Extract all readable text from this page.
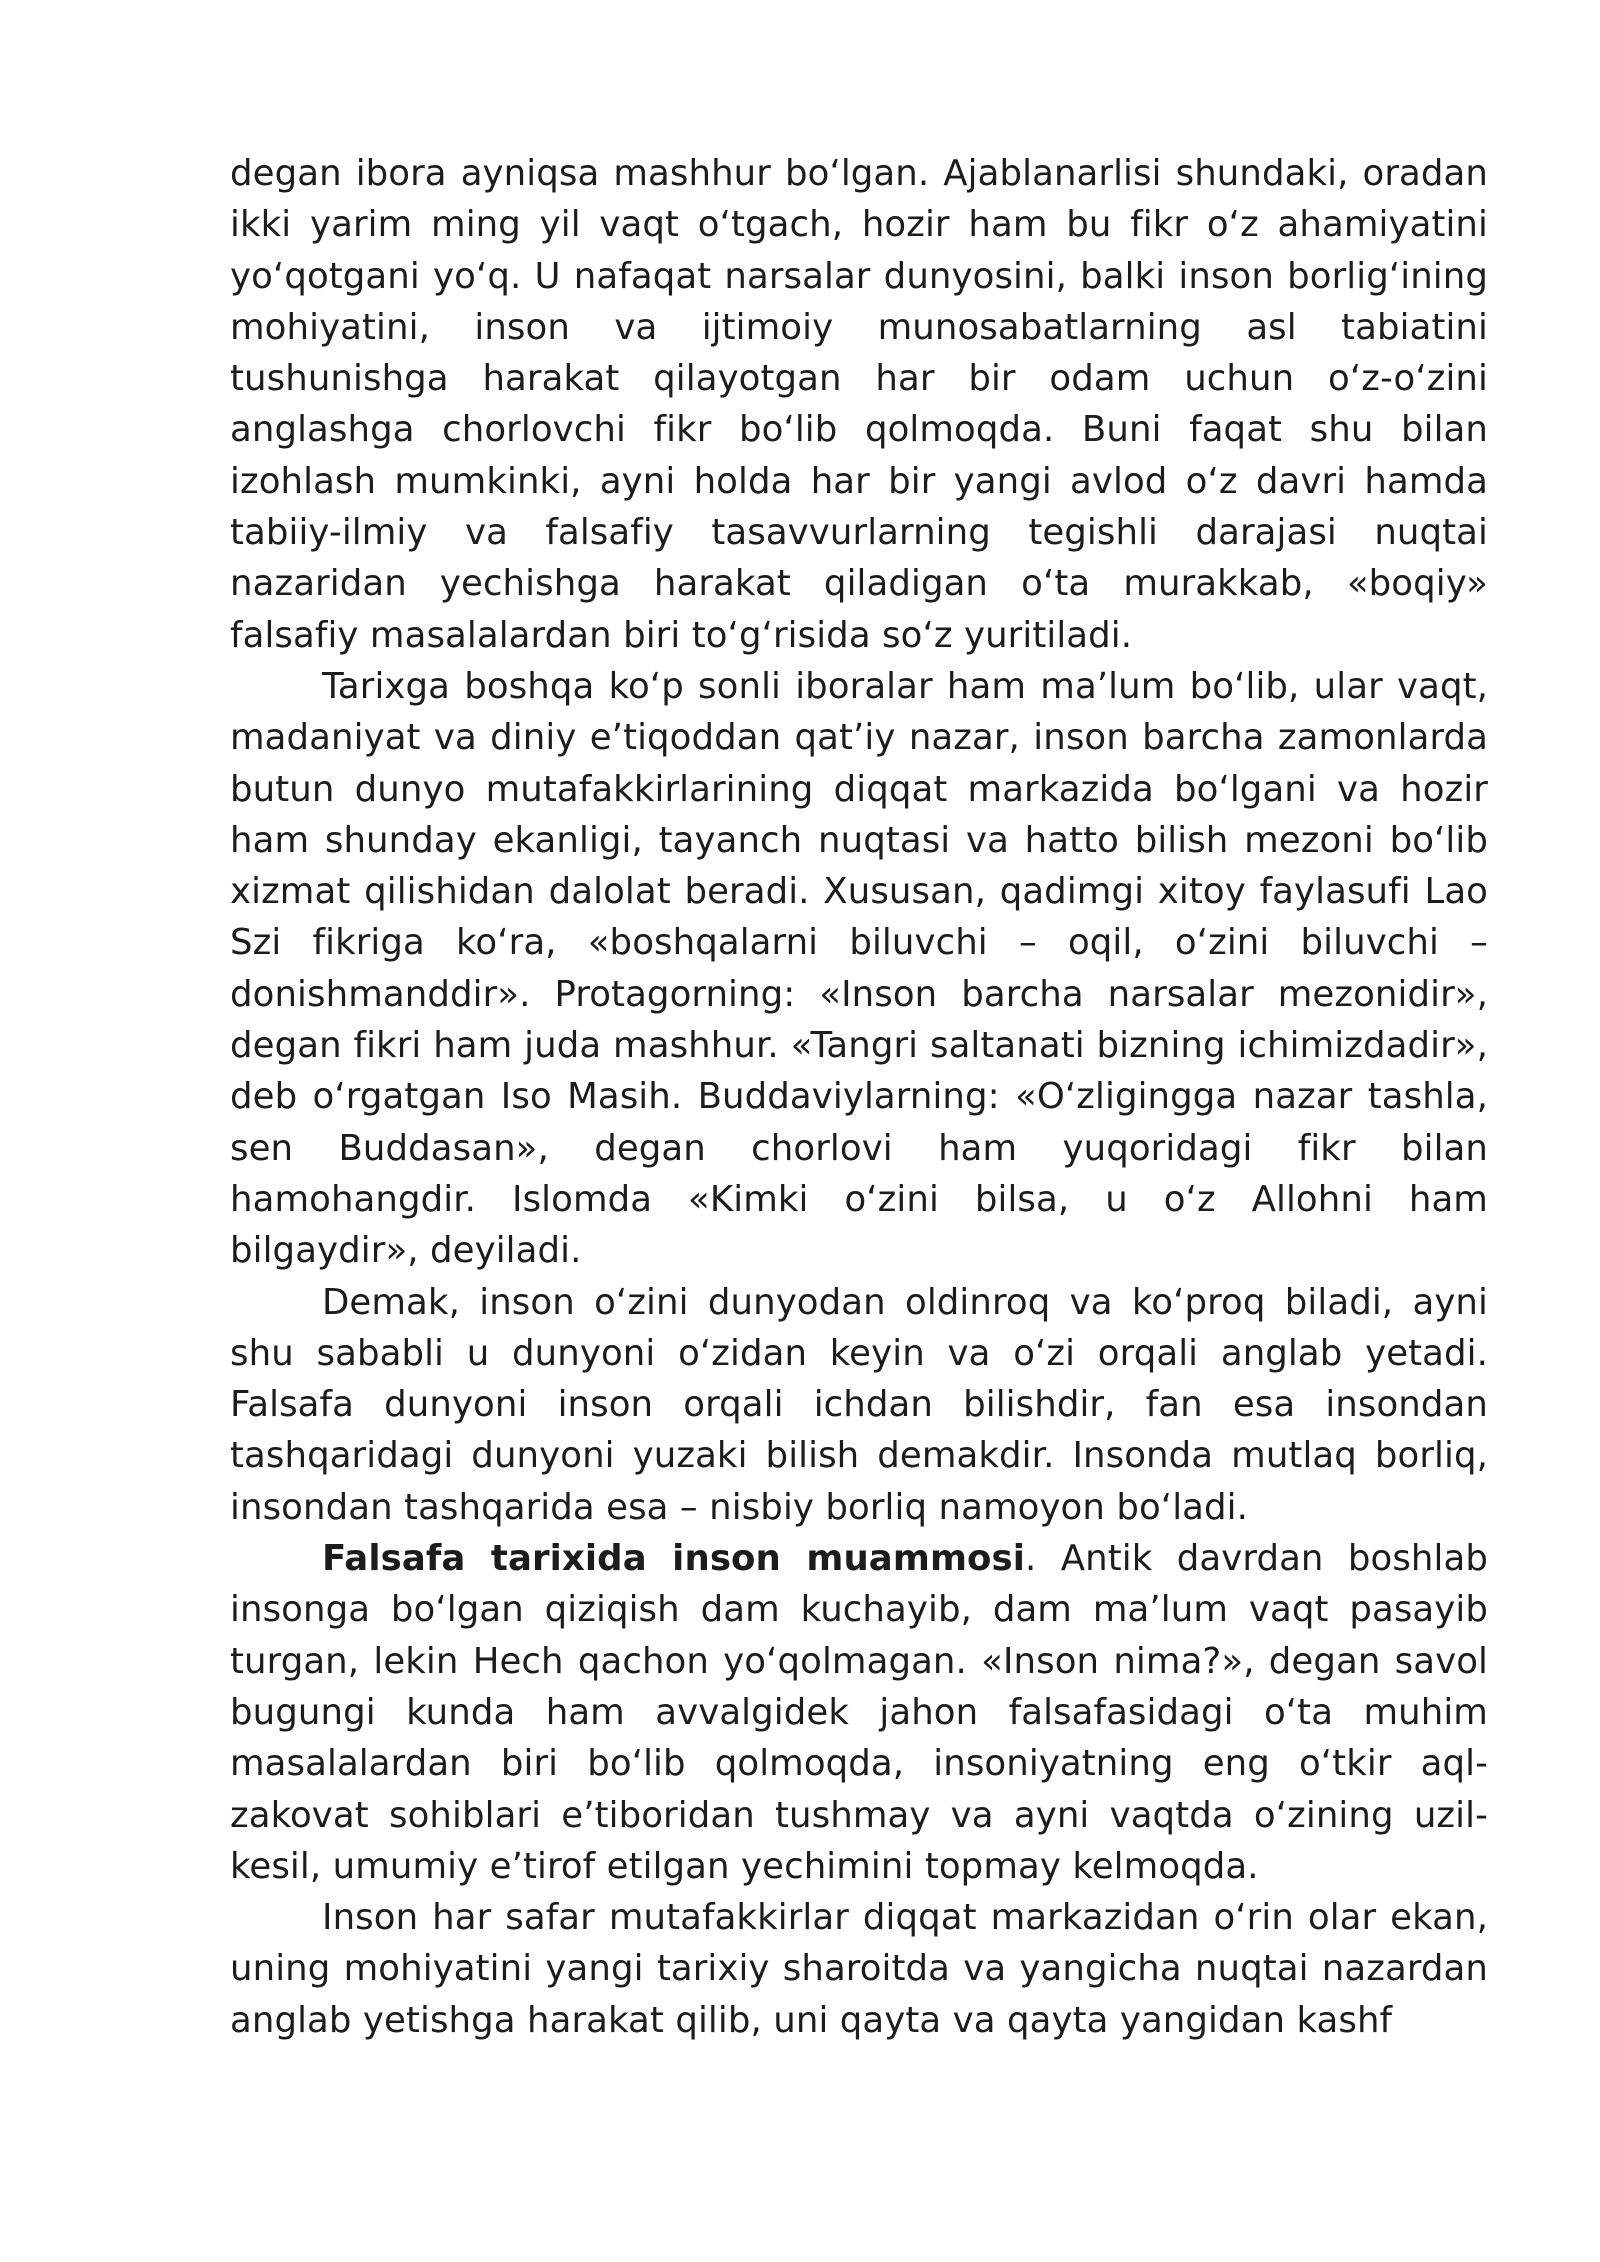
degan ibora ayniqsa mashhur boʻlgan. Ajablanarlisi shundaki, oradan ikki yarim ming yil vaqt oʻtgach, hozir ham bu fikr oʻz ahamiyatini yoʻqotgani yoʻq. U nafaqat narsalar dunyosini, balki inson borligʻining mohiyatini, inson va ijtimoiy munosabatlarning asl tabiatini tushunishga harakat qilayotgan har bir odam uchun oʻz-oʻzini anglashga chorlovchi fikr boʻlib qolmoqda. Buni faqat shu bilan izohlash mumkinki, ayni holda har bir yangi avlod oʻz davri hamda tabiiy-ilmiy va falsafiy tasavvurlarning tegishli darajasi nuqtai nazaridan yechishga harakat qiladigan oʻta murakkab, «boqiy» falsafiy masalalardan biri toʻgʻrisida soʻz yuritiladi.

Tarixga boshqa koʻp sonli iboralar ham maʼlum boʻlib, ular vaqt, madaniyat va diniy eʼtiqoddan qatʼiy nazar, inson barcha zamonlarda butun dunyo mutafakkirlarining diqqat markazida boʻlgani va hozir ham shunday ekanligi, tayanch nuqtasi va hatto bilish mezoni boʻlib xizmat qilishidan dalolat beradi. Xususan, qadimgi xitoy faylasufi Lao Szi fikriga koʻra, «boshqalarni biluvchi – oqil, oʻzini biluvchi – donishmanddir». Protagorning: «Inson barcha narsalar mezonidir», degan fikri ham juda mashhur. «Tangri saltanati bizning ichimizdadir», deb oʻrgatgan Iso Masih. Buddaviylarning: «Oʻzligingga nazar tashla, sen Buddasan», degan chorlovi ham yuqoridagi fikr bilan hamohangdir. Islomda «Kimki oʻzini bilsa, u oʻz Allohni ham bilgaydir», deyiladi.

Demak, inson oʻzini dunyodan oldinroq va koʻproq biladi, ayni shu sababli u dunyoni oʻzidan keyin va oʻzi orqali anglab yetadi. Falsafa dunyoni inson orqali ichdan bilishdir, fan esa insondan tashqaridagi dunyoni yuzaki bilish demakdir. Insonda mutlaq borliq, insondan tashqarida esa – nisbiy borliq namoyon boʻladi.

Falsafa tarixida inson muammosi. Antik davrdan boshlab insonga boʻlgan qiziqish dam kuchayib, dam maʼlum vaqt pasayib turgan, lekin Hech qachon yoʻqolmagan. «Inson nima?», degan savol bugungi kunda ham avvalgidek jahon falsafasidagi oʻta muhim masalalardan biri boʻlib qolmoqda, insoniyatning eng oʻtkir aql-zakovat sohiblari eʼtiboridan tushmay va ayni vaqtda oʻzining uzil-kesil, umumiy eʼtirof etilgan yechimini topmay kelmoqda.

Inson har safar mutafakkirlar diqqat markazidan oʻrin olar ekan, uning mohiyatini yangi tarixiy sharoitda va yangicha nuqtai nazardan anglab yetishga harakat qilib, uni qayta va qayta yangidan kashf
